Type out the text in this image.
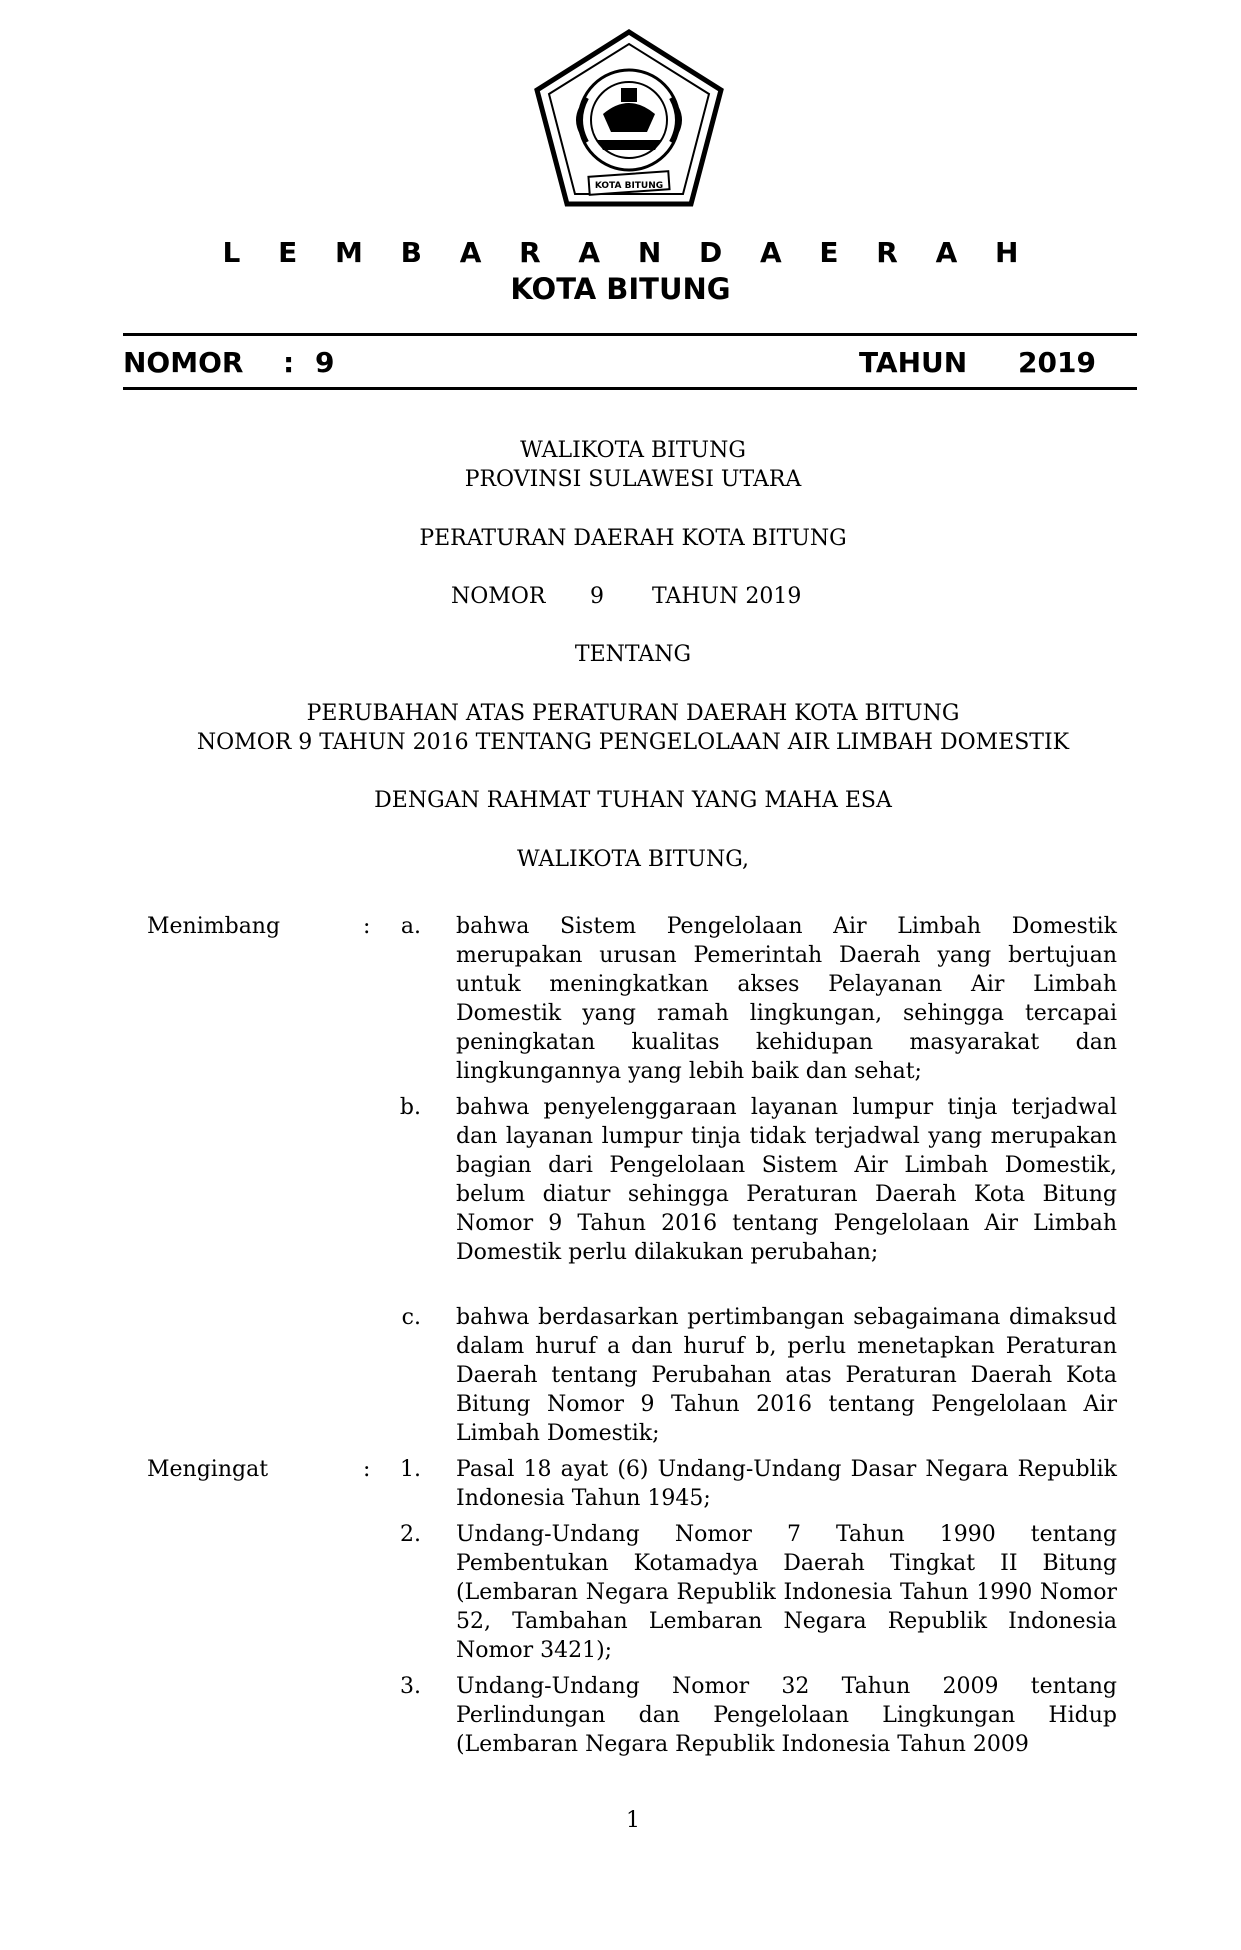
KOTA BITUNG
L E M B A R A N D A E R A H
KOTA BITUNG
NOMOR : 9	TAHUN 2019
WALIKOTA BITUNG
PROVINSI SULAWESI UTARA
PERATURAN DAERAH KOTA BITUNG
NOMOR 9 TAHUN 2019
TENTANG
PERUBAHAN ATAS PERATURAN DAERAH KOTA BITUNG
NOMOR 9 TAHUN 2016 TENTANG PENGELOLAAN AIR LIMBAH DOMESTIK
DENGAN RAHMAT TUHAN YANG MAHA ESA
WALIKOTA BITUNG,
Menimbang	:	a. bahwa Sistem Pengelolaan Air Limbah Domestik merupakan urusan Pemerintah Daerah yang bertujuan untuk meningkatkan akses Pelayanan Air Limbah Domestik yang ramah lingkungan, sehingga tercapai peningkatan kualitas kehidupan masyarakat dan lingkungannya yang lebih baik dan sehat;
b. bahwa penyelenggaraan layanan lumpur tinja terjadwal dan layanan lumpur tinja tidak terjadwal yang merupakan bagian dari Pengelolaan Sistem Air Limbah Domestik, belum diatur sehingga Peraturan Daerah Kota Bitung Nomor 9 Tahun 2016 tentang Pengelolaan Air Limbah Domestik perlu dilakukan perubahan;
c. bahwa berdasarkan pertimbangan sebagaimana dimaksud dalam huruf a dan huruf b, perlu menetapkan Peraturan Daerah tentang Perubahan atas Peraturan Daerah Kota Bitung Nomor 9 Tahun 2016 tentang Pengelolaan Air Limbah Domestik;
Mengingat	:	1. Pasal 18 ayat (6) Undang-Undang Dasar Negara Republik Indonesia Tahun 1945;
2. Undang-Undang Nomor 7 Tahun 1990 tentang Pembentukan Kotamadya Daerah Tingkat II Bitung (Lembaran Negara Republik Indonesia Tahun 1990 Nomor 52, Tambahan Lembaran Negara Republik Indonesia Nomor 3421);
3. Undang-Undang Nomor 32 Tahun 2009 tentang Perlindungan dan Pengelolaan Lingkungan Hidup (Lembaran Negara Republik Indonesia Tahun 2009
1
